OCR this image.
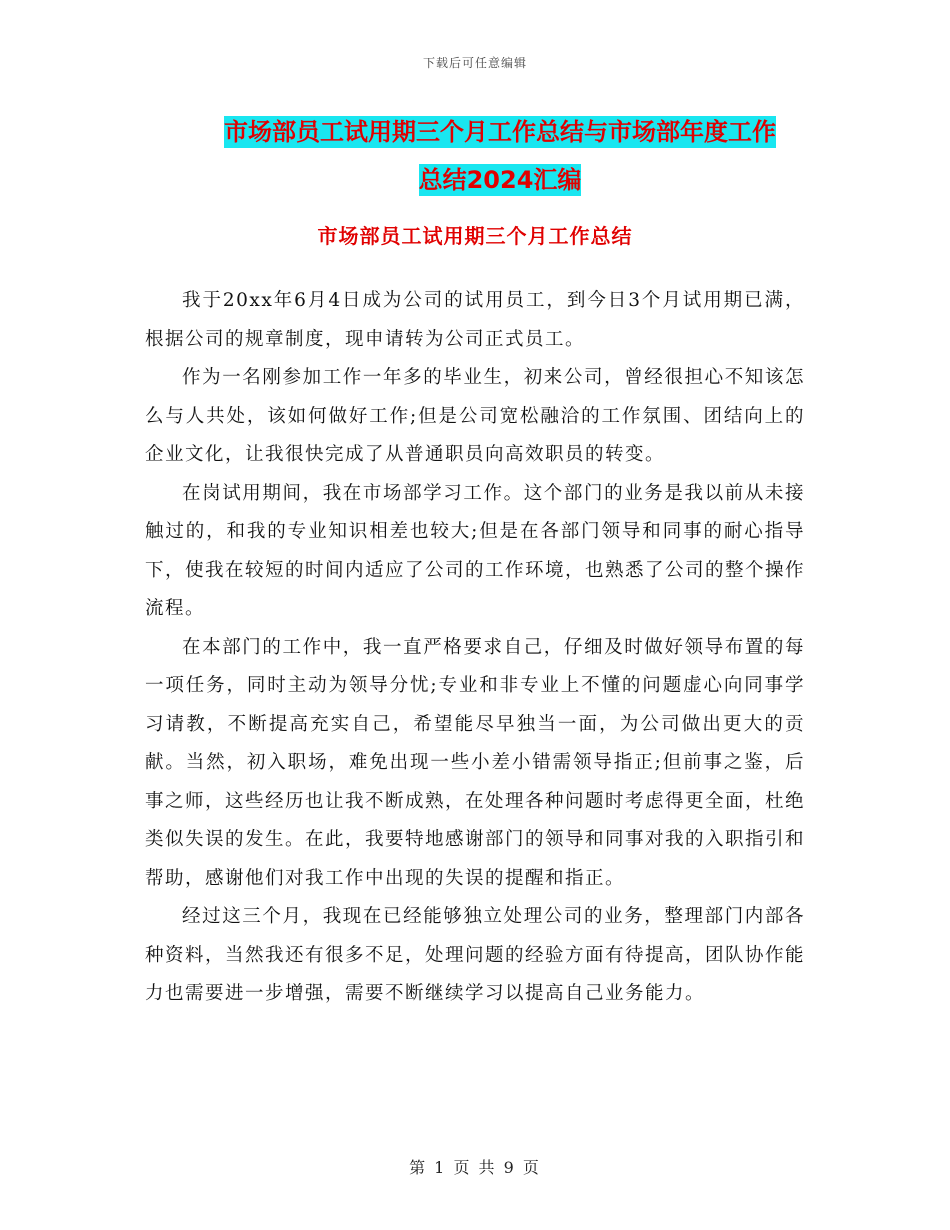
下载后可任意编辑
市场部员工试用期三个月工作总结与市场部年度工作
总结2024汇编
市场部员工试用期三个月工作总结

我于20xx年6月4日成为公司的试用员工，到今日3个月试用期已满，根据公司的规章制度，现申请转为公司正式员工。

作为一名刚参加工作一年多的毕业生，初来公司，曾经很担心不知该怎么与人共处，该如何做好工作;但是公司宽松融洽的工作氛围、团结向上的企业文化，让我很快完成了从普通职员向高效职员的转变。

在岗试用期间，我在市场部学习工作。这个部门的业务是我以前从未接触过的，和我的专业知识相差也较大;但是在各部门领导和同事的耐心指导下，使我在较短的时间内适应了公司的工作环境，也熟悉了公司的整个操作流程。

在本部门的工作中，我一直严格要求自己，仔细及时做好领导布置的每一项任务，同时主动为领导分忧;专业和非专业上不懂的问题虚心向同事学习请教，不断提高充实自己，希望能尽早独当一面，为公司做出更大的贡献。当然，初入职场，难免出现一些小差小错需领导指正;但前事之鉴，后事之师，这些经历也让我不断成熟，在处理各种问题时考虑得更全面，杜绝类似失误的发生。在此，我要特地感谢部门的领导和同事对我的入职指引和帮助，感谢他们对我工作中出现的失误的提醒和指正。

经过这三个月，我现在已经能够独立处理公司的业务，整理部门内部各种资料，当然我还有很多不足，处理问题的经验方面有待提高，团队协作能力也需要进一步增强，需要不断继续学习以提高自己业务能力。

第 1 页 共 9 页
